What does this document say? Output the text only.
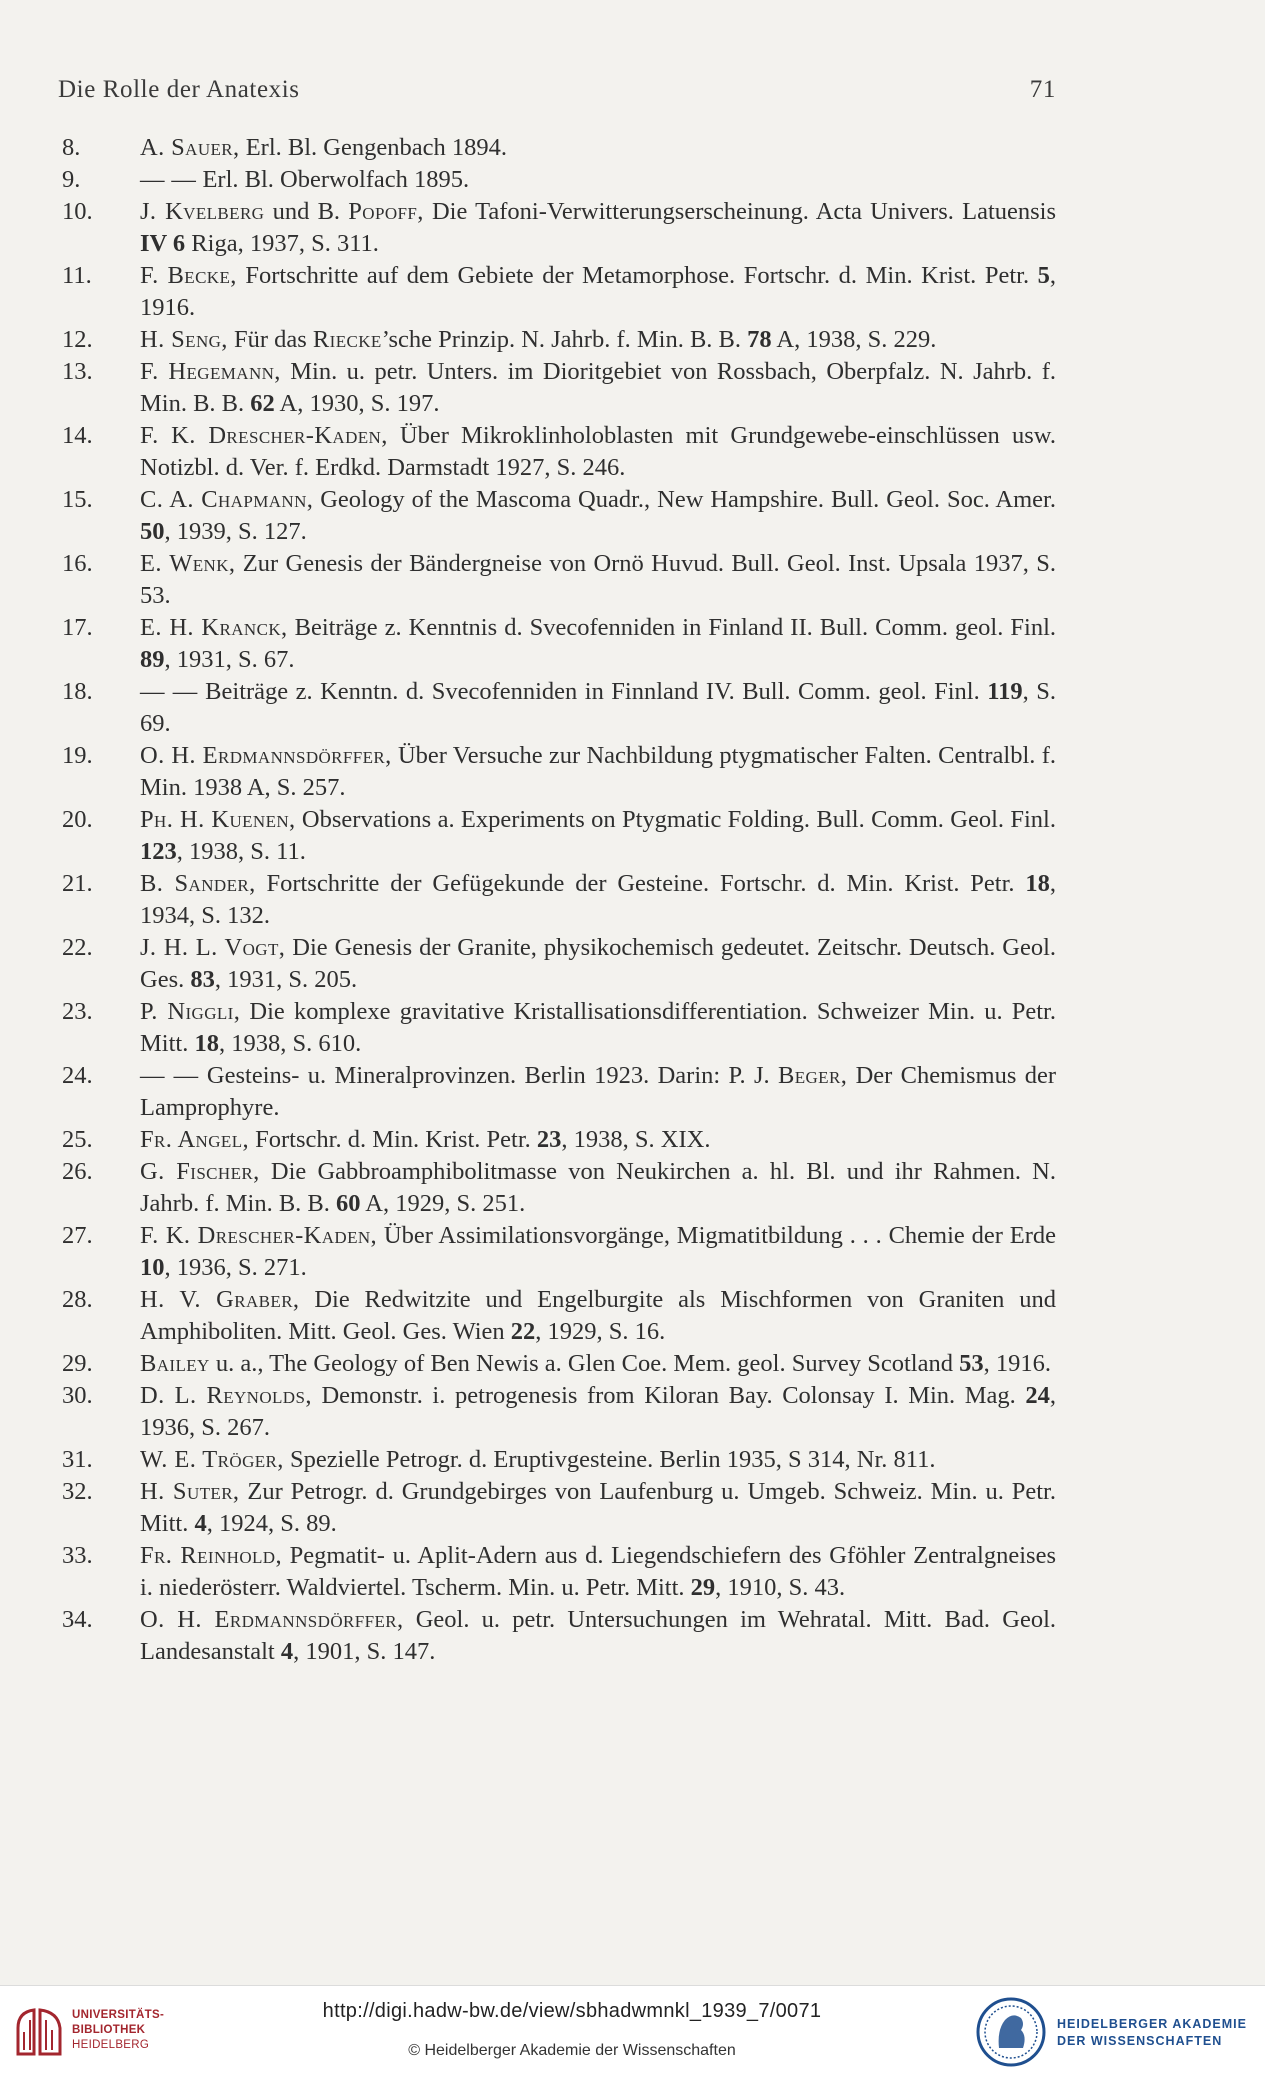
Die Rolle der Anatexis	71
8. A. Sauer, Erl. Bl. Gengenbach 1894.
9. — — Erl. Bl. Oberwolfach 1895.
10. J. Kvelberg und B. Popoff, Die Tafoni-Verwitterungserscheinung. Acta Univers. Latuensis IV 6 Riga, 1937, S. 311.
11. F. Becke, Fortschritte auf dem Gebiete der Metamorphose. Fortschr. d. Min. Krist. Petr. 5, 1916.
12. H. Seng, Für das Riecke’sche Prinzip. N. Jahrb. f. Min. B. B. 78 A, 1938, S. 229.
13. F. Hegemann, Min. u. petr. Unters. im Dioritgebiet von Rossbach, Oberpfalz. N. Jahrb. f. Min. B. B. 62 A, 1930, S. 197.
14. F. K. Drescher-Kaden, Über Mikroklinholoblasten mit Grundgewebe-einschlüssen usw. Notizbl. d. Ver. f. Erdkd. Darmstadt 1927, S. 246.
15. C. A. Chapmann, Geology of the Mascoma Quadr., New Hampshire. Bull. Geol. Soc. Amer. 50, 1939, S. 127.
16. E. Wenk, Zur Genesis der Bändergneise von Ornö Huvud. Bull. Geol. Inst. Upsala 1937, S. 53.
17. E. H. Kranck, Beiträge z. Kenntnis d. Svecofenniden in Finland II. Bull. Comm. geol. Finl. 89, 1931, S. 67.
18. — — Beiträge z. Kenntn. d. Svecofenniden in Finnland IV. Bull. Comm. geol. Finl. 119, S. 69.
19. O. H. Erdmannsdörffer, Über Versuche zur Nachbildung ptygmatischer Falten. Centralbl. f. Min. 1938 A, S. 257.
20. Ph. H. Kuenen, Observations a. Experiments on Ptygmatic Folding. Bull. Comm. Geol. Finl. 123, 1938, S. 11.
21. B. Sander, Fortschritte der Gefügekunde der Gesteine. Fortschr. d. Min. Krist. Petr. 18, 1934, S. 132.
22. J. H. L. Vogt, Die Genesis der Granite, physikochemisch gedeutet. Zeitschr. Deutsch. Geol. Ges. 83, 1931, S. 205.
23. P. Niggli, Die komplexe gravitative Kristallisationsdifferentiation. Schweizer Min. u. Petr. Mitt. 18, 1938, S. 610.
24. — — Gesteins- u. Mineralprovinzen. Berlin 1923. Darin: P. J. Beger, Der Chemismus der Lamprophyre.
25. Fr. Angel, Fortschr. d. Min. Krist. Petr. 23, 1938, S. XIX.
26. G. Fischer, Die Gabbroamphibolitmasse von Neukirchen a. hl. Bl. und ihr Rahmen. N. Jahrb. f. Min. B. B. 60 A, 1929, S. 251.
27. F. K. Drescher-Kaden, Über Assimilationsvorgänge, Migmatitbildung . . . Chemie der Erde 10, 1936, S. 271.
28. H. V. Graber, Die Redwitzite und Engelburgite als Mischformen von Graniten und Amphiboliten. Mitt. Geol. Ges. Wien 22, 1929, S. 16.
29. Bailey u. a., The Geology of Ben Newis a. Glen Coe. Mem. geol. Survey Scotland 53, 1916.
30. D. L. Reynolds, Demonstr. i. petrogenesis from Kiloran Bay. Colonsay I. Min. Mag. 24, 1936, S. 267.
31. W. E. Tröger, Spezielle Petrogr. d. Eruptivgesteine. Berlin 1935, S 314, Nr. 811.
32. H. Suter, Zur Petrogr. d. Grundgebirges von Laufenburg u. Umgeb. Schweiz. Min. u. Petr. Mitt. 4, 1924, S. 89.
33. Fr. Reinhold, Pegmatit- u. Aplit-Adern aus d. Liegendschiefern des Gföhler Zentralgneises i. niederösterr. Waldviertel. Tscherm. Min. u. Petr. Mitt. 29, 1910, S. 43.
34. O. H. Erdmannsdörffer, Geol. u. petr. Untersuchungen im Wehratal. Mitt. Bad. Geol. Landesanstalt 4, 1901, S. 147.
UNIVERSITÄTS-
BIBLIOTHEK
HEIDELBERG
http://digi.hadw-bw.de/view/sbhadwmnkl_1939_7/0071
© Heidelberger Akademie der Wissenschaften
HEIDELBERGER AKADEMIE
DER WISSENSCHAFTEN
